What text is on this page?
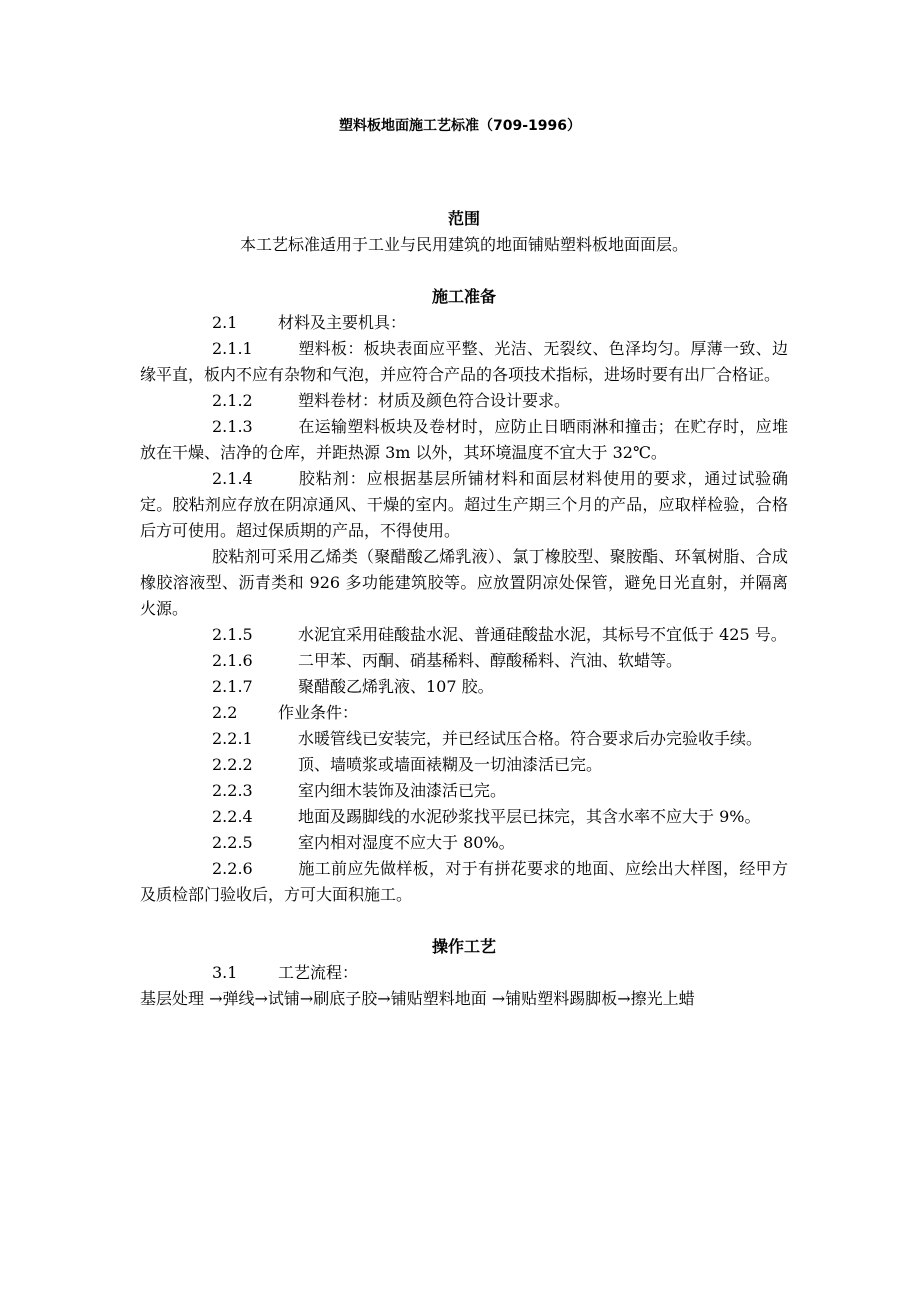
塑料板地面施工艺标准（709-1996）
范围

本工艺标准适用于工业与民用建筑的地面铺贴塑料板地面面层。

施工准备

2.1	材料及主要机具：

2.1.1	塑料板：板块表面应平整、光洁、无裂纹、色泽均匀。厚薄一致、边缘平直，板内不应有杂物和气泡，并应符合产品的各项技术指标，进场时要有出厂合格证。

2.1.2	塑料卷材：材质及颜色符合设计要求。

2.1.3	在运输塑料板块及卷材时，应防止日晒雨淋和撞击；在贮存时，应堆放在干燥、洁净的仓库，并距热源 3m 以外，其环境温度不宜大于 32℃。

2.1.4	胶粘剂：应根据基层所铺材料和面层材料使用的要求，通过试验确定。胶粘剂应存放在阴凉通风、干燥的室内。超过生产期三个月的产品，应取样检验，合格后方可使用。超过保质期的产品，不得使用。

胶粘剂可采用乙烯类（聚醋酸乙烯乳液）、氯丁橡胶型、聚胺酯、环氧树脂、合成橡胶溶液型、沥青类和 926 多功能建筑胶等。应放置阴凉处保管，避免日光直射，并隔离火源。

2.1.5	水泥宜采用硅酸盐水泥、普通硅酸盐水泥，其标号不宜低于 425 号。

2.1.6	二甲苯、丙酮、硝基稀料、醇酸稀料、汽油、软蜡等。

2.1.7	聚醋酸乙烯乳液、107 胶。

2.2	作业条件：

2.2.1	水暖管线已安装完，并已经试压合格。符合要求后办完验收手续。

2.2.2	顶、墙喷浆或墙面裱糊及一切油漆活已完。

2.2.3	室内细木装饰及油漆活已完。

2.2.4	地面及踢脚线的水泥砂浆找平层已抹完，其含水率不应大于 9%。

2.2.5	室内相对湿度不应大于 80%。

2.2.6	施工前应先做样板，对于有拼花要求的地面、应绘出大样图，经甲方及质检部门验收后，方可大面积施工。

操作工艺

3.1	工艺流程：

基层处理 →弹线→试铺→刷底子胶→铺贴塑料地面 →铺贴塑料踢脚板→擦光上蜡
